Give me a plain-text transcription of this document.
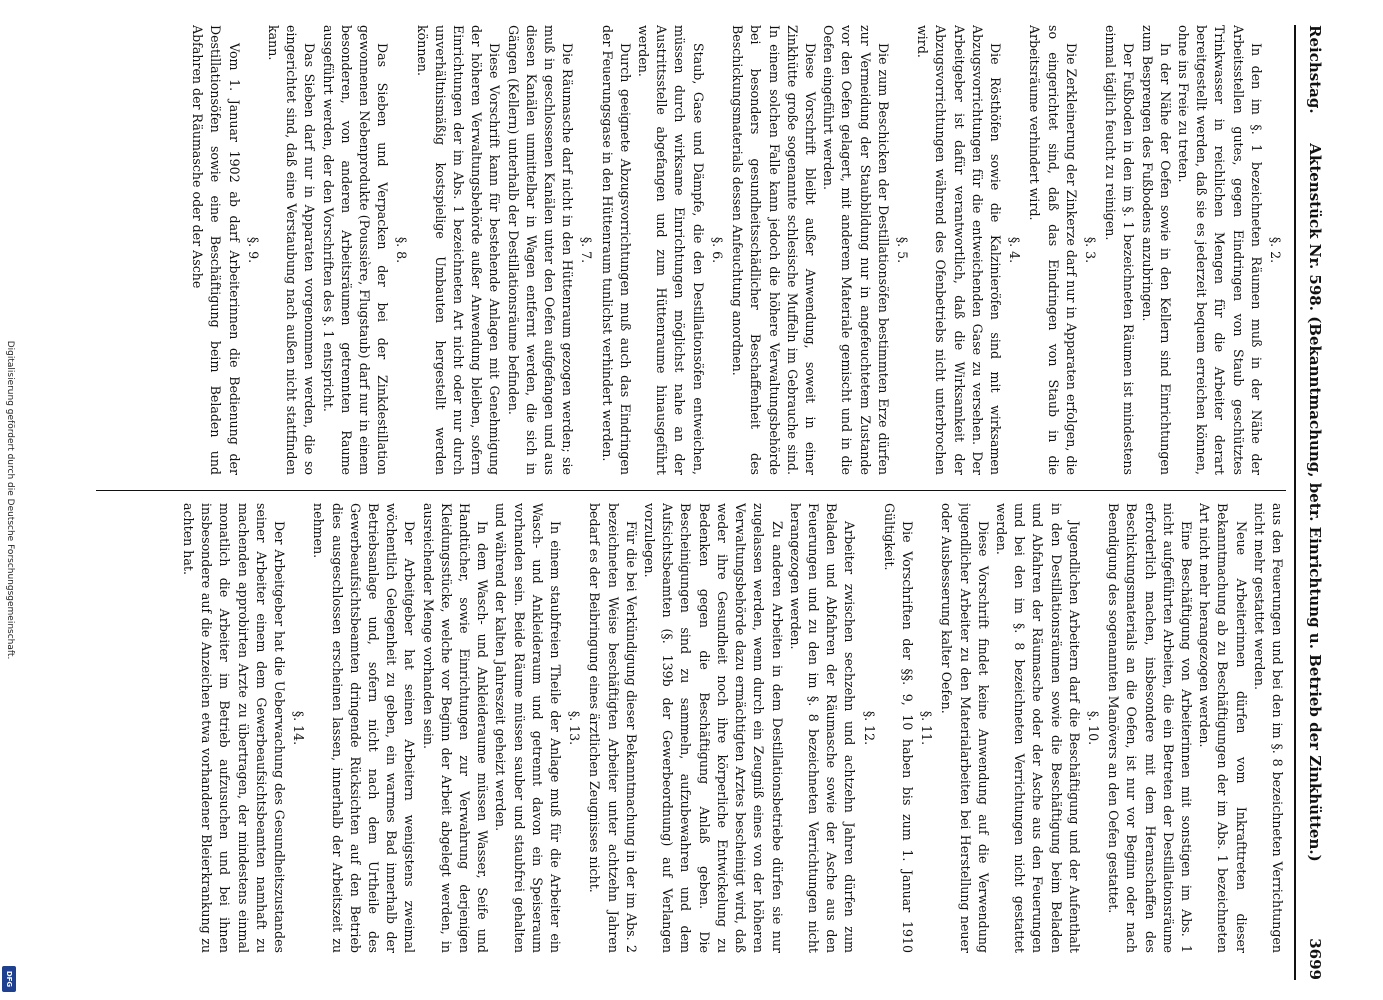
Digitalisierung gefördert durch die Deutsche Forschungsgemeinschaft.
DFG
Reichstag.
Aktenstück Nr. 598. (Bekanntmachung, betr. Einrichtung u. Betrieb der Zinkhütten.)
3699
§. 2.

In den im §. 1 bezeichneten Räumen muß in der Nähe der Arbeitsstellen gutes, gegen Eindringen von Staub geschütztes Trinkwasser in reichlichen Mengen für die Arbeiter derart bereitgestellt werden, daß sie es jederzeit bequem erreichen können, ohne ins Freie zu treten.

In der Nähe der Oefen sowie in den Kellern sind Einrichtungen zum Besprengen des Fußbodens anzubringen.

Der Fußboden in den im §. 1 bezeichneten Räumen ist mindestens einmal täglich feucht zu reinigen.

§. 3.

Die Zerkleinerung der Zinkerze darf nur in Apparaten erfolgen, die so eingerichtet sind, daß das Eindringen von Staub in die Arbeitsräume verhindert wird.

§. 4.

Die Rösthöfen sowie die Kalzinieröfen sind mit wirksamen Abzugsvorrichtungen für die entweichenden Gase zu versehen. Der Arbeitgeber ist dafür verantwortlich, daß die Wirksamkeit der Abzugsvorrichtungen während des Ofenbetriebs nicht unterbrochen wird.

§. 5.

Die zum Beschicken der Destillationsöfen bestimmten Erze dürfen zur Vermeidung der Staubbildung nur in angefeuchtetem Zustande vor den Oefen gelagert, mit anderem Materiale gemischt und in die Oefen eingeführt werden.

Diese Vorschrift bleibt außer Anwendung, soweit in einer Zinkhütte große sogenannte schlesische Muffeln im Gebrauche sind. In einem solchen Falle kann jedoch die höhere Verwaltungsbehörde bei besonders gesundheitsschädlicher Beschaffenheit des Beschickungsmaterials dessen Anfeuchtung anordnen.

§. 6.

Staub, Gase und Dämpfe, die den Destillationsöfen entweichen, müssen durch wirksame Einrichtungen möglichst nahe an der Austrittsstelle abgefangen und zum Hüttenraume hinausgeführt werden.

Durch geeignete Abzugsvorrichtungen muß auch das Eindringen der Feuerungsgase in den Hüttenraum tunlichst verhindert werden.

§. 7.

Die Räumasche darf nicht in den Hüttenraum gezogen werden; sie muß in geschlossenen Kanälen unter den Oefen aufgefangen und aus diesen Kanälen unmittelbar in Wagen entfernt werden, die sich in Gängen (Kellern) unterhalb der Destillationsräume befinden.

Diese Vorschrift kann für bestehende Anlagen mit Genehmigung der höheren Verwaltungsbehörde außer Anwendung bleiben, sofern Einrichtungen der im Abs. 1 bezeichneten Art nicht oder nur durch unverhältnismäßig kostspielige Umbauten hergestellt werden können.

§. 8.

Das Sieben und Verpacken der bei der Zinkdestillation gewonnenen Nebenprodukte (Poussière, Flugstaub) darf nur in einem besonderen, von anderen Arbeitsräumen getrennten Raume ausgeführt werden, der den Vorschriften des §. 1 entspricht.

Das Sieben darf nur in Apparaten vorgenommen werden, die so eingerichtet sind, daß eine Verstaubung nach außen nicht stattfinden kann.

§. 9.

Vom 1. Januar 1902 ab darf Arbeiterinnen die Bedienung der Destillationsöfen sowie eine Beschäftigung beim Beladen und Abfahren der Räumasche oder der Asche

aus den Feuerungen und bei den im §. 8 bezeichneten Verrichtungen nicht mehr gestattet werden.

Neue Arbeiterinnen dürfen vom Inkrafttreten dieser Bekanntmachung ab zu Beschäftigungen der im Abs. 1 bezeichneten Art nicht mehr herangezogen werden.

Eine Beschäftigung von Arbeiterinnen mit sonstigen im Abs. 1 nicht aufgeführten Arbeiten, die ein Betreten der Destillationsräume erforderlich machen, insbesondere mit dem Heranschaffen des Beschickungsmaterials an die Oefen, ist nur vor Beginn oder nach Beendigung des sogenannten Manövers an den Oefen gestattet.

§. 10.

Jugendlichen Arbeitern darf die Beschäftigung und der Aufenthalt in den Destillationsräumen sowie die Beschäftigung beim Beladen und Abfahren der Räumasche oder der Asche aus den Feuerungen und bei den im §. 8 bezeichneten Verrichtungen nicht gestattet werden.

Diese Vorschrift findet keine Anwendung auf die Verwendung jugendlicher Arbeiter zu den Materialarbeiten bei Herstellung neuer oder Ausbesserung kalter Oefen.

§. 11.

Die Vorschriften der §§. 9, 10 haben bis zum 1. Januar 1910 Gültigkeit.

§. 12.

Arbeiter zwischen sechzehn und achtzehn Jahren dürfen zum Beladen und Abfahren der Räumasche sowie der Asche aus den Feuerungen und zu den im §. 8 bezeichneten Verrichtungen nicht herangezogen werden.

Zu anderen Arbeiten in dem Destillationsbetriebe dürfen sie nur zugelassen werden, wenn durch ein Zeugniß eines von der höheren Verwaltungsbehörde dazu ermächtigten Arztes bescheinigt wird, daß weder ihre Gesundheit noch ihre körperliche Entwickelung zu Bedenken gegen die Beschäftigung Anlaß geben. Die Bescheinigungen sind zu sammeln, aufzubewahren und dem Aufsichtsbeamten (§. 139b der Gewerbeordnung) auf Verlangen vorzulegen.

Für die bei Verkündigung dieser Bekanntmachung in der im Abs. 2 bezeichneten Weise beschäftigten Arbeiter unter achtzehn Jahren bedarf es der Beibringung eines ärztlichen Zeugnisses nicht.

§. 13.

In einem staubfreien Theile der Anlage muß für die Arbeiter ein Wasch- und Ankleideraum und getrennt davon ein Speiseraum vorhanden sein. Beide Räume müssen sauber und staubfrei gehalten und während der kalten Jahreszeit geheizt werden.

In dem Wasch- und Ankleideraume müssen Wasser, Seife und Handtücher, sowie Einrichtungen zur Verwahrung derjenigen Kleidungsstücke, welche vor Beginn der Arbeit abgelegt werden, in ausreichender Menge vorhanden sein.

Der Arbeitgeber hat seinen Arbeitern wenigstens zweimal wöchentlich Gelegenheit zu geben, ein warmes Bad innerhalb der Betriebsanlage und, sofern nicht nach dem Urtheile des Gewerbeaufsichtsbeamten dringende Rücksichten auf den Betrieb dies ausgeschlossen erscheinen lassen, innerhalb der Arbeitszeit zu nehmen.

§. 14.

Der Arbeitgeber hat die Ueberwachung des Gesundheitszustandes seiner Arbeiter einem dem Gewerbeaufsichtsbeamten namhaft zu machenden approbirten Arzte zu übertragen, der mindestens einmal monatlich die Arbeiter im Betrieb aufzusuchen und bei ihnen insbesondere auf die Anzeichen etwa vorhandener Bleierkrankung zu achten hat.
